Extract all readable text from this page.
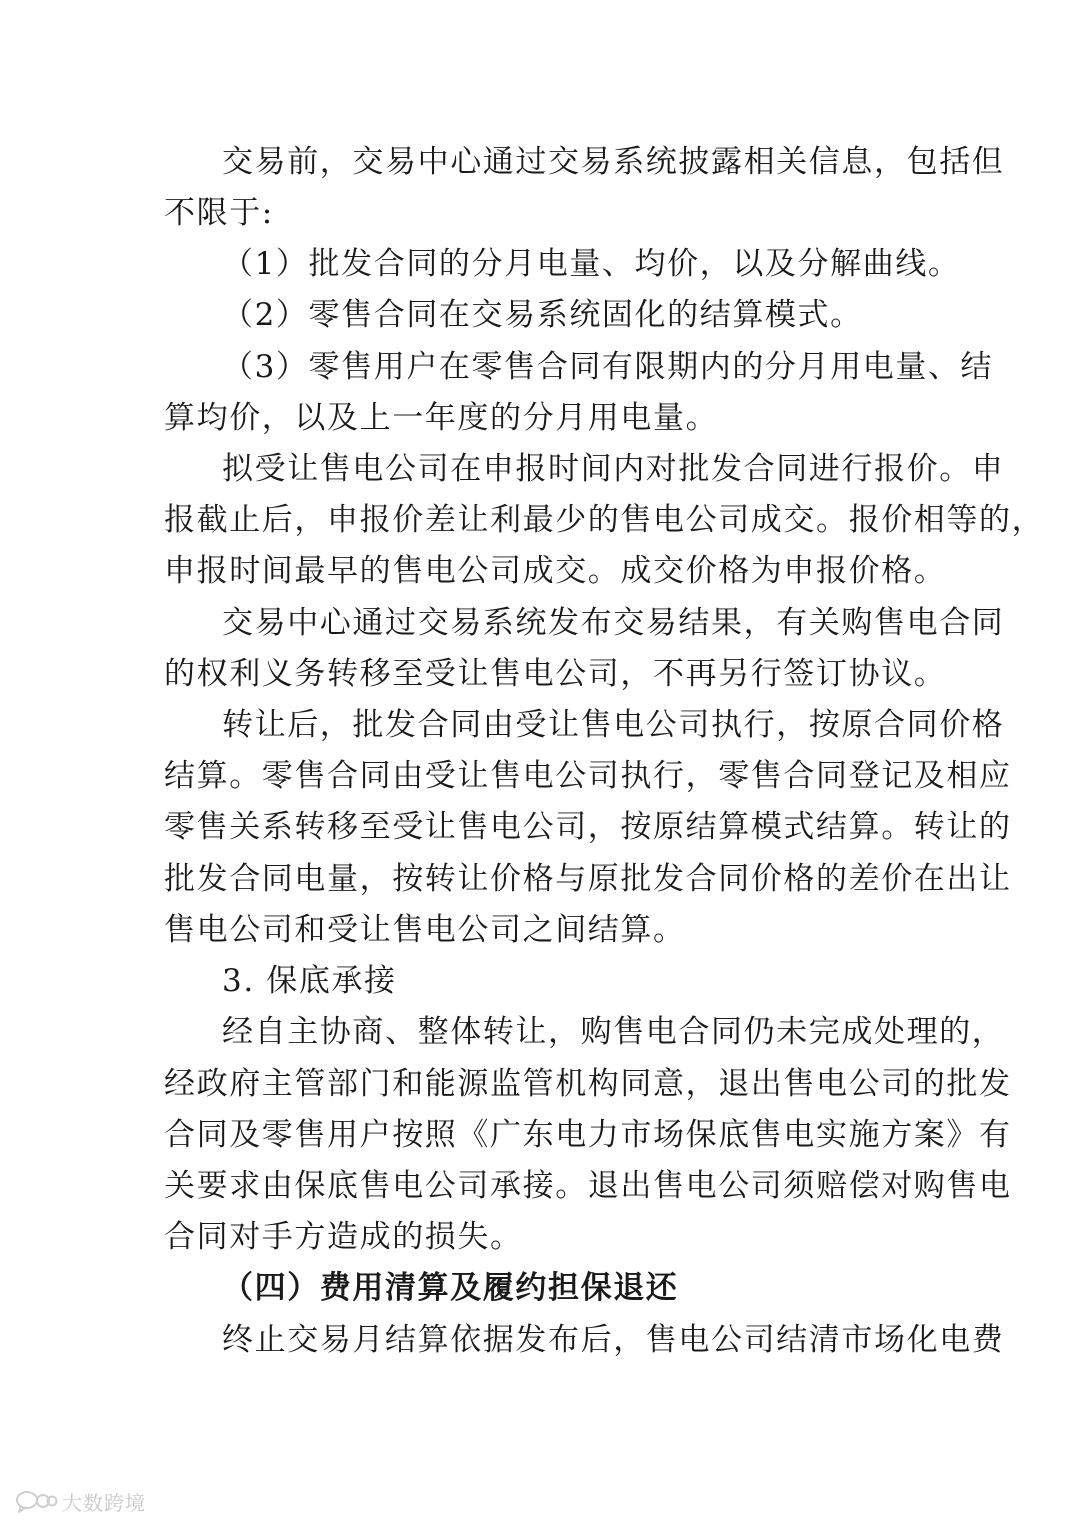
交易前，交易中心通过交易系统披露相关信息，包括但
不限于:
（1）批发合同的分月电量、均价，以及分解曲线。
（2）零售合同在交易系统固化的结算模式。
（3）零售用户在零售合同有限期内的分月用电量、结
算均价，以及上一年度的分月用电量。
拟受让售电公司在申报时间内对批发合同进行报价。申
报截止后，申报价差让利最少的售电公司成交。报价相等的，
申报时间最早的售电公司成交。成交价格为申报价格。
交易中心通过交易系统发布交易结果，有关购售电合同
的权利义务转移至受让售电公司，不再另行签订协议。
转让后，批发合同由受让售电公司执行，按原合同价格
结算。零售合同由受让售电公司执行，零售合同登记及相应
零售关系转移至受让售电公司，按原结算模式结算。转让的
批发合同电量，按转让价格与原批发合同价格的差价在出让
售电公司和受让售电公司之间结算。
3. 保底承接
经自主协商、整体转让，购售电合同仍未完成处理的，
经政府主管部门和能源监管机构同意，退出售电公司的批发
合同及零售用户按照《广东电力市场保底售电实施方案》有
关要求由保底售电公司承接。退出售电公司须赔偿对购售电
合同对手方造成的损失。
（四）费用清算及履约担保退还
终止交易月结算依据发布后，售电公司结清市场化电费
大数跨境
